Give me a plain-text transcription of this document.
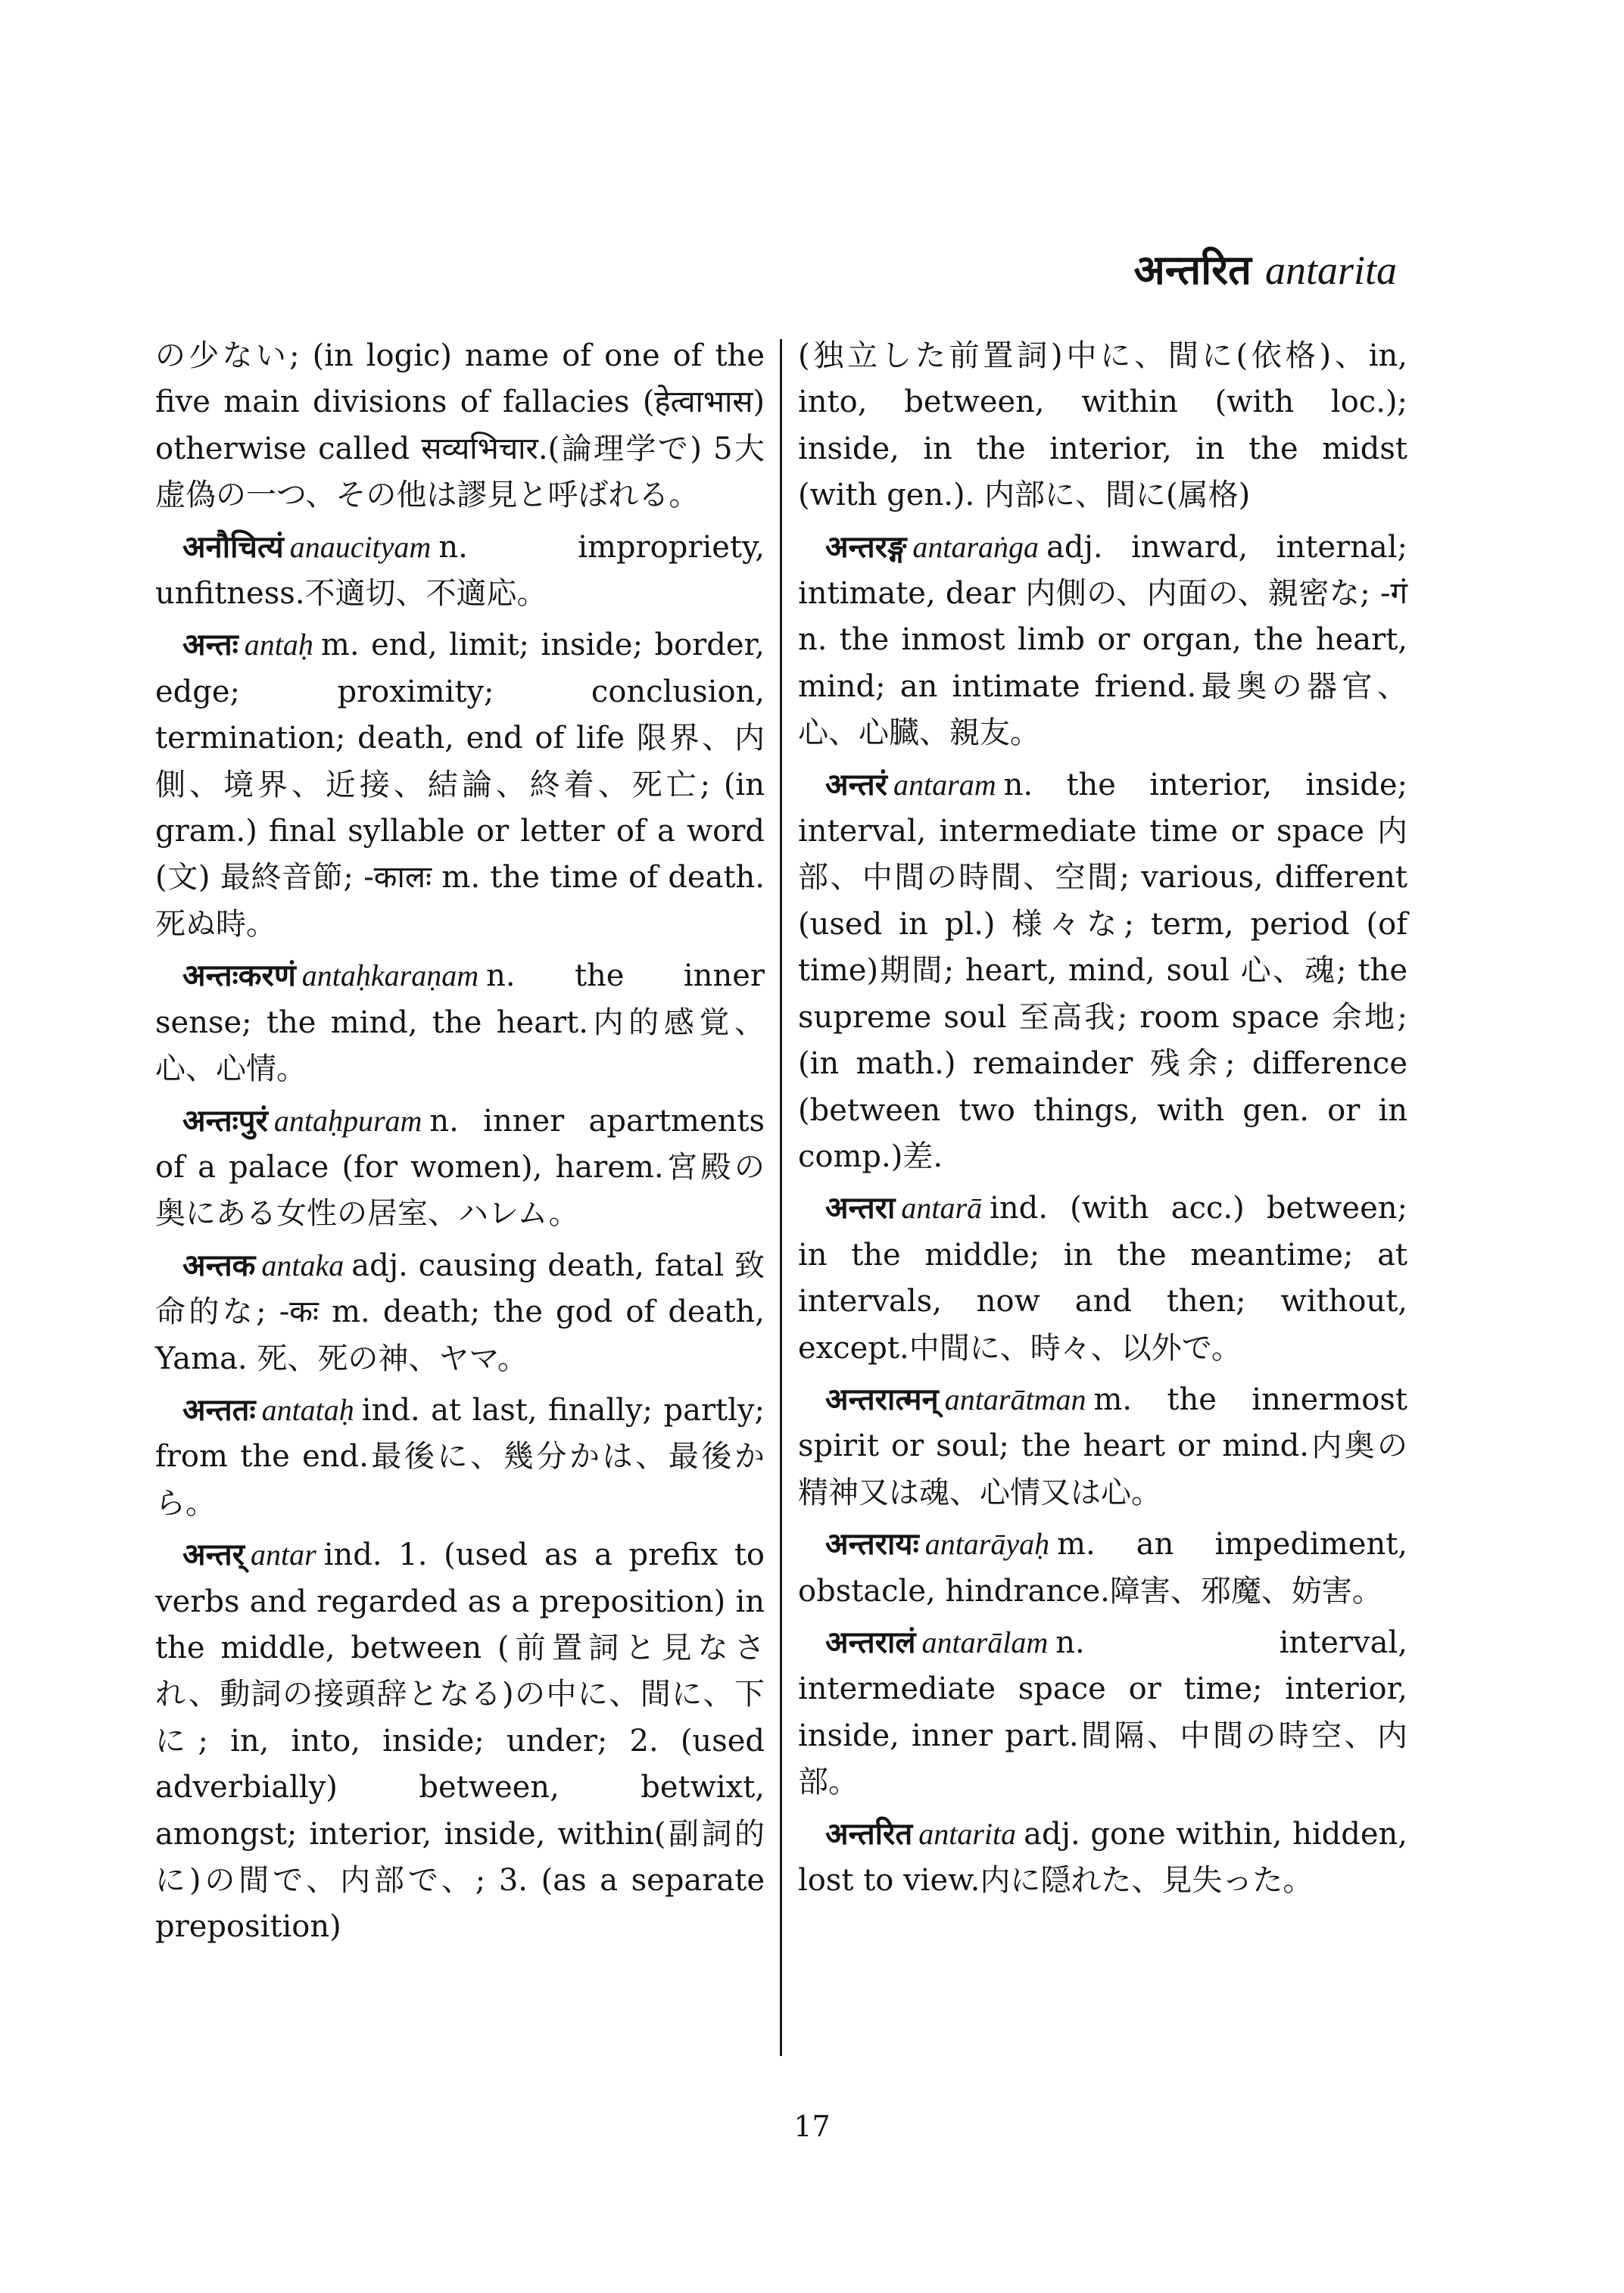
अन्तरित antarita

の少ない; (in logic) name of one of the five main divisions of fallacies (हेत्वाभास) otherwise called सव्यभिचार.(論理学で) 5大虚偽の一つ、その他は謬見と呼ばれる。

अनौचित्यं anaucityam n. impropriety, unfitness.不適切、不適応。

अन्तः antaḥ m. end, limit; inside; border, edge; proximity; conclusion, termination; death, end of life 限界、内側、境界、近接、結論、終着、死亡; (in gram.) final syllable or letter of a word (文) 最終音節; -कालः m. the time of death.死ぬ時。

अन्तःकरणं antaḥkaraṇam n. the inner sense; the mind, the heart.内的感覚、心、心情。

अन्तःपुरं antaḥpuram n. inner apartments of a palace (for women), harem.宮殿の奥にある女性の居室、ハレム。

अन्तक antaka adj. causing death, fatal 致命的な; -कः m. death; the god of death, Yama. 死、死の神、ヤマ。

अन्ततः antataḥ ind. at last, finally; partly; from the end.最後に、幾分かは、最後から。

अन्तर् antar ind. 1. (used as a prefix to verbs and regarded as a preposition) in the middle, between (前置詞と見なされ、動詞の接頭辞となる)の中に、間に、下に; in, into, inside; under; 2. (used adverbially) between, betwixt, amongst; interior, inside, within(副詞的に)の間で、内部で、; 3. (as a separate preposition)

(独立した前置詞)中に、間に(依格)、in, into, between, within (with loc.); inside, in the interior, in the midst (with gen.). 内部に、間に(属格)

अन्तरङ्ग antaraṅga adj. inward, internal; intimate, dear 内側の、内面の、親密な; -गं n. the inmost limb or organ, the heart, mind; an intimate friend.最奥の器官、心、心臓、親友。

अन्तरं antaram n. the interior, inside; interval, intermediate time or space 内部、中間の時間、空間; various, different (used in pl.) 様々な; term, period (of time)期間; heart, mind, soul 心、魂; the supreme soul 至高我; room space 余地; (in math.) remainder 残余; difference (between two things, with gen. or in comp.)差.

अन्तरा antarā ind. (with acc.) between; in the middle; in the meantime; at intervals, now and then; without, except.中間に、時々、以外で。

अन्तरात्मन् antarātman m. the innermost spirit or soul; the heart or mind.内奥の精神又は魂、心情又は心。

अन्तरायः antarāyaḥ m. an impediment, obstacle, hindrance.障害、邪魔、妨害。

अन्तरालं antarālam n. interval, intermediate space or time; interior, inside, inner part.間隔、中間の時空、内部。

अन्तरित antarita adj. gone within, hidden, lost to view.内に隠れた、見失った。

17
